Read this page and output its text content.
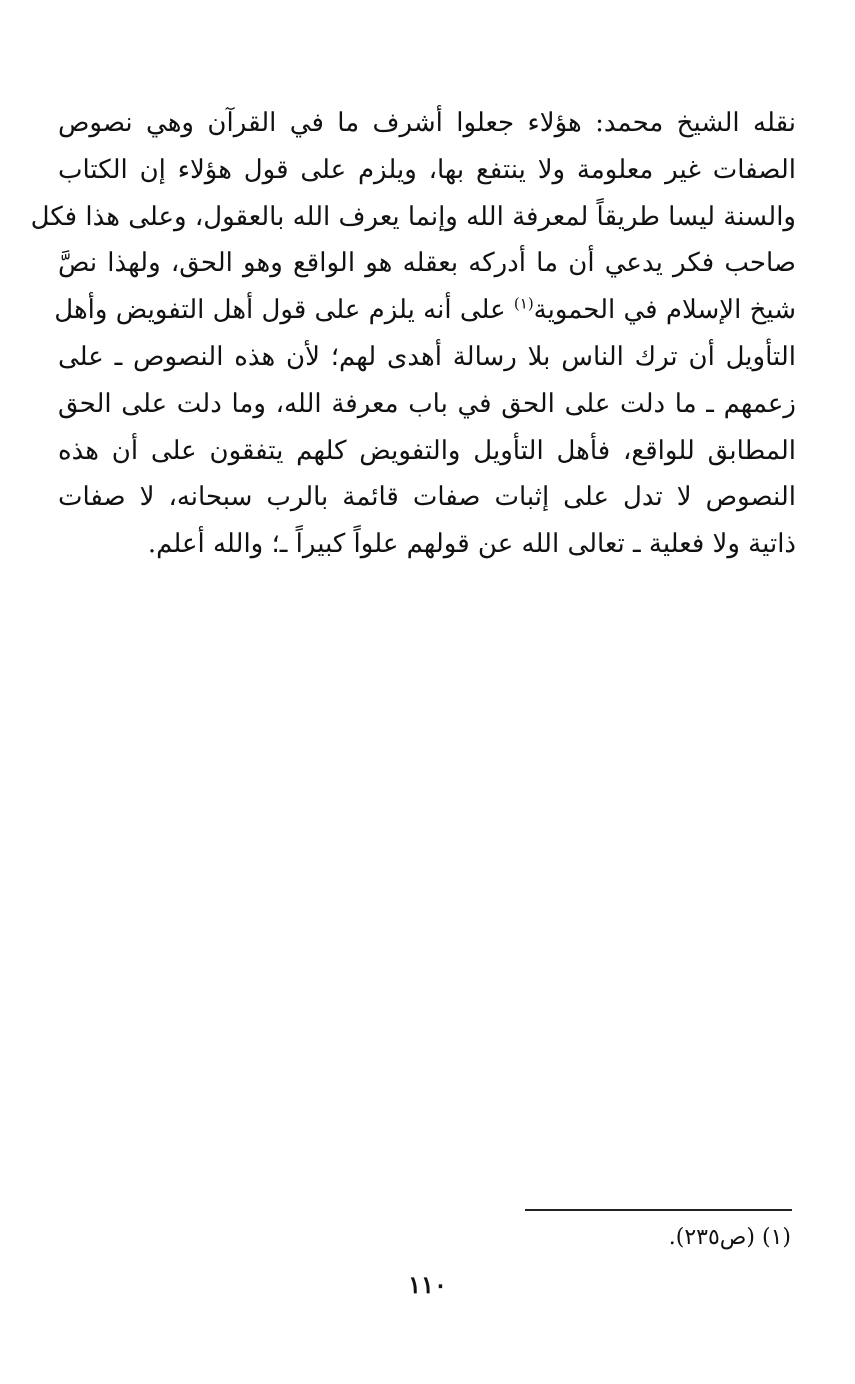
نقله الشيخ محمد: هؤلاء جعلوا أشرف ما في القرآن وهي نصوص
الصفات غير معلومة ولا ينتفع بها، ويلزم على قول هؤلاء إن الكتاب
والسنة ليسا طريقاً لمعرفة الله وإنما يعرف الله بالعقول، وعلى هذا فكل
صاحب فكر يدعي أن ما أدركه بعقله هو الواقع وهو الحق، ولهذا نصَّ
شيخ الإسلام في الحموية$^{(١)}$ على أنه يلزم على قول أهل التفويض وأهل
التأويل أن ترك الناس بلا رسالة أهدى لهم؛ لأن هذه النصوص ـ على
زعمهم ـ ما دلت على الحق في باب معرفة الله، وما دلت على الحق
المطابق للواقع، فأهل التأويل والتفويض كلهم يتفقون على أن هذه
النصوص لا تدل على إثبات صفات قائمة بالرب سبحانه، لا صفات
ذاتية ولا فعلية ـ تعالى الله عن قولهم علواً كبيراً ـ؛ والله أعلم.
(١) (ص٢٣٥).
١١٠
